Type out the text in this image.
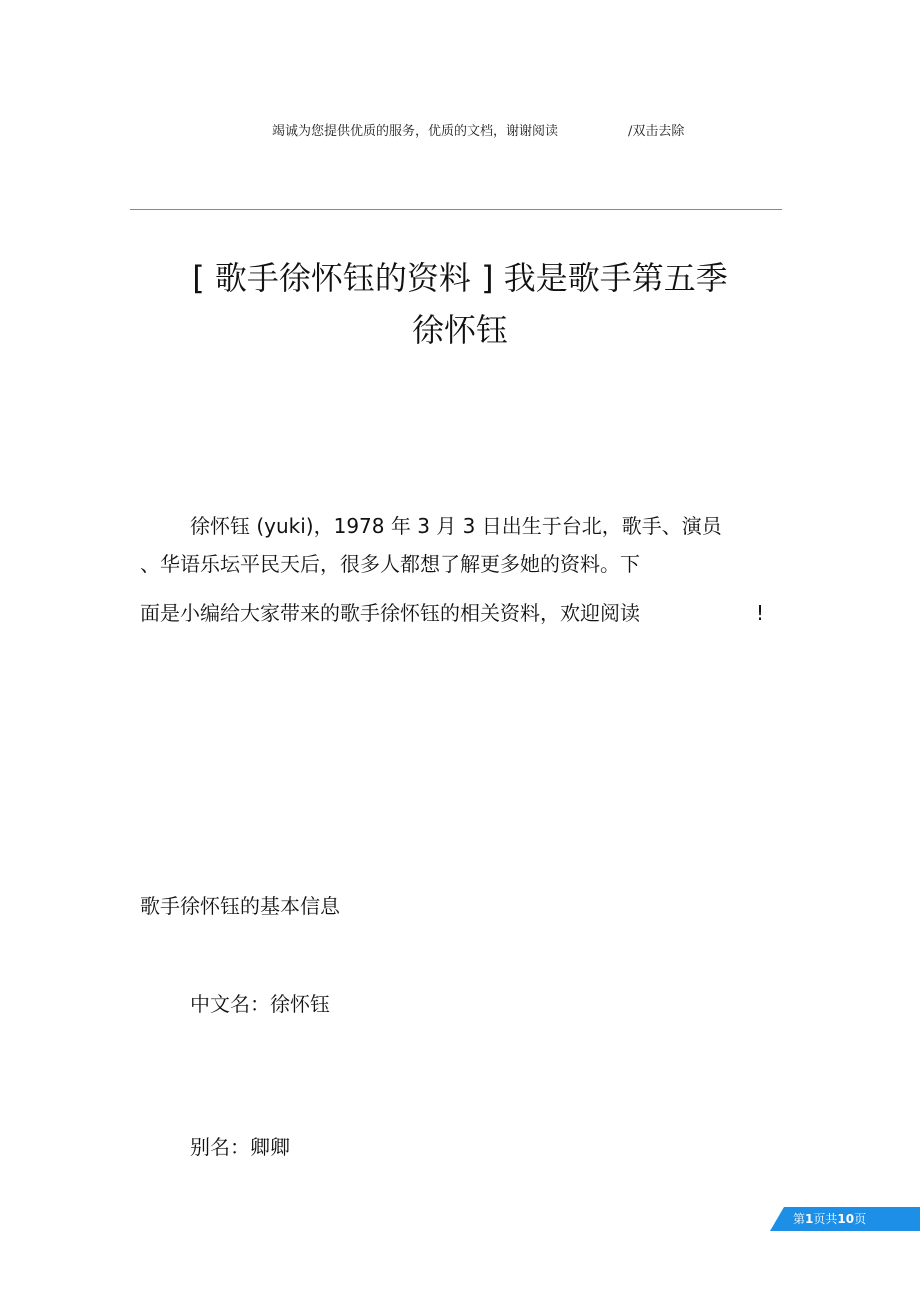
竭诚为您提供优质的服务，优质的文档，谢谢阅读	/双击去除
[ 歌手徐怀钰的资料 ] 我是歌手第五季
徐怀钰
徐怀钰 (yuki)，1978 年 3 月 3 日出生于台北，歌手、演员
、华语乐坛平民天后，很多人都想了解更多她的资料。下
面是小编给大家带来的歌手徐怀钰的相关资料，欢迎阅读	!
歌手徐怀钰的基本信息
中文名：徐怀钰
别名：卿卿
第1页共10页
